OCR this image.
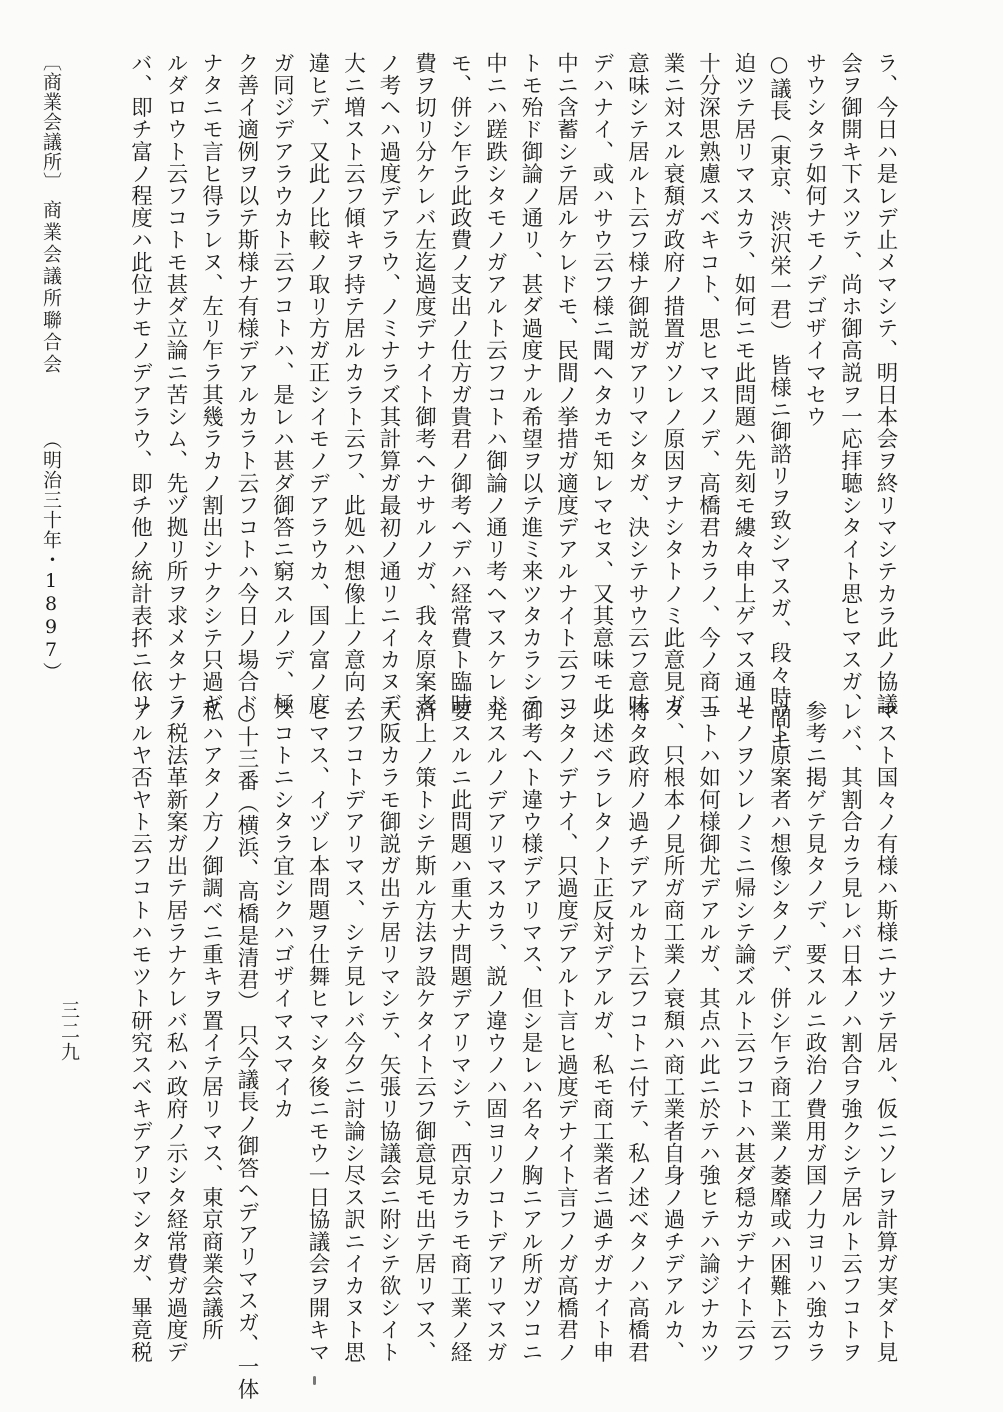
ラ、今日ハ是レデ止メマシテ、明日本会ヲ終リマシテカラ此ノ協議
会ヲ御開キ下スツテ、尚ホ御高説ヲ一応拝聴シタイト思ヒマスガ、
サウシタラ如何ナモノデゴザイマセウ
○議長（東京、渋沢栄一君）　皆様ニ御諮リヲ致シマスガ、段々時間モ
迫ツテ居リマスカラ、如何ニモ此問題ハ先刻モ縷々申上ゲマス通リ
十分深思熟慮スベキコト、思ヒマスノデ、高橋君カラノ、今ノ商工
業ニ対スル衰頽ガ政府ノ措置ガソレノ原因ヲナシタトノミ此意見ガ
意味シテ居ルト云フ様ナ御説ガアリマシタガ、決シテサウ云フ意味
デハナイ、或ハサウ云フ様ニ聞ヘタカモ知レマセヌ、又其意味モ此
中ニ含蓄シテ居ルケレドモ、民間ノ挙措ガ適度デアルナイト云フコ
トモ殆ド御論ノ通リ、甚ダ過度ナル希望ヲ以テ進ミ来ツタカラシテ
中ニハ蹉跌シタモノガアルト云フコトハ御論ノ通リ考ヘマスケレド
モ、併シ乍ラ此政費ノ支出ノ仕方ガ貴君ノ御考ヘデハ経常費ト臨時
費ヲ切リ分ケレバ左迄過度デナイト御考ヘナサルノガ、我々原案者
ノ考ヘハ過度デアラウ、ノミナラズ其計算ガ最初ノ通リニイカヌデ
大ニ増スト云フ傾キヲ持テ居ルカラト云フ、此処ハ想像上ノ意向ノ
違ヒデ、又此ノ比較ノ取リ方ガ正シイモノデアラウカ、国ノ富ノ度
ガ同ジデアラウカト云フコトハ、是レハ甚ダ御答ニ窮スルノデ、極
ク善イ適例ヲ以テ斯様ナ有様デアルカラト云フコトハ今日ノ場合ド
ナタニモ言ヒ得ラレヌ、左リ乍ラ其幾ラカノ割出シナクシテ只過ギ
ルダロウト云フコトモ甚ダ立論ニ苦シム、先ヅ拠リ所ヲ求メタナラ
バ、即チ富ノ程度ハ此位ナモノデアラウ、即チ他ノ統計表抔ニ依リ
マスト国々ノ有様ハ斯様ニナツテ居ル、仮ニソレヲ計算ガ実ダト見
レバ、其割合カラ見レバ日本ノハ割合ヲ強クシテ居ルト云フコトヲ
参考ニ掲ゲテ見タノデ、要スルニ政治ノ費用ガ国ノ力ヨリハ強カラ
ウト原案者ハ想像シタノデ、併シ乍ラ商工業ノ萎靡或ハ困難ト云フ
モノヲソレノミニ帰シテ論ズルト云フコトハ甚ダ穏カデナイト云フ
コトハ如何様御尤デアルガ、其点ハ此ニ於テハ強ヒテハ論ジナカツ
タ、只根本ノ見所ガ商工業ノ衰頽ハ商工業者自身ノ過チデアルカ、
将タ政府ノ過チデアルカト云フコトニ付テ、私ノ述ベタノハ高橋君
ノ述ベラレタノト正反対デアルガ、私モ商工業者ニ過チガナイト申
シタノデナイ、只過度デアルト言ヒ過度デナイト言フノガ高橋君ノ
御考ヘト違ウ様デアリマス、但シ是レハ名々ノ胸ニアル所ガソコニ
発スルノデアリマスカラ、説ノ違ウノハ固ヨリノコトデアリマスガ
要スルニ此問題ハ重大ナ問題デアリマシテ、西京カラモ商工業ノ経
済上ノ策トシテ斯ル方法ヲ設ケタイト云フ御意見モ出テ居リマス、
大阪カラモ御説ガ出テ居リマシテ、矢張リ協議会ニ附シテ欲シイト
云フコトデアリマス、シテ見レバ今夕ニ討論シ尽ス訳ニイカヌト思
ヒマス、イヅレ本問題ヲ仕舞ヒマシタ後ニモウ一日協議会ヲ開キマ
スコトニシタラ宜シクハゴザイマスマイカ
○十三番（横浜、高橋是清君）　只今議長ノ御答ヘデアリマスガ、一体
私ハアタノ方ノ御調ベニ重キヲ置イテ居リマス、東京商業会議所
ノ税法革新案ガ出テ居ラナケレバ私ハ政府ノ示シタ経常費ガ過度デ
アルヤ否ヤト云フコトハモツト研究スベキデアリマシタガ、畢竟税
〔商業会議所〕
商業会議所聯合会
（明治三十年・1897）
三二九
